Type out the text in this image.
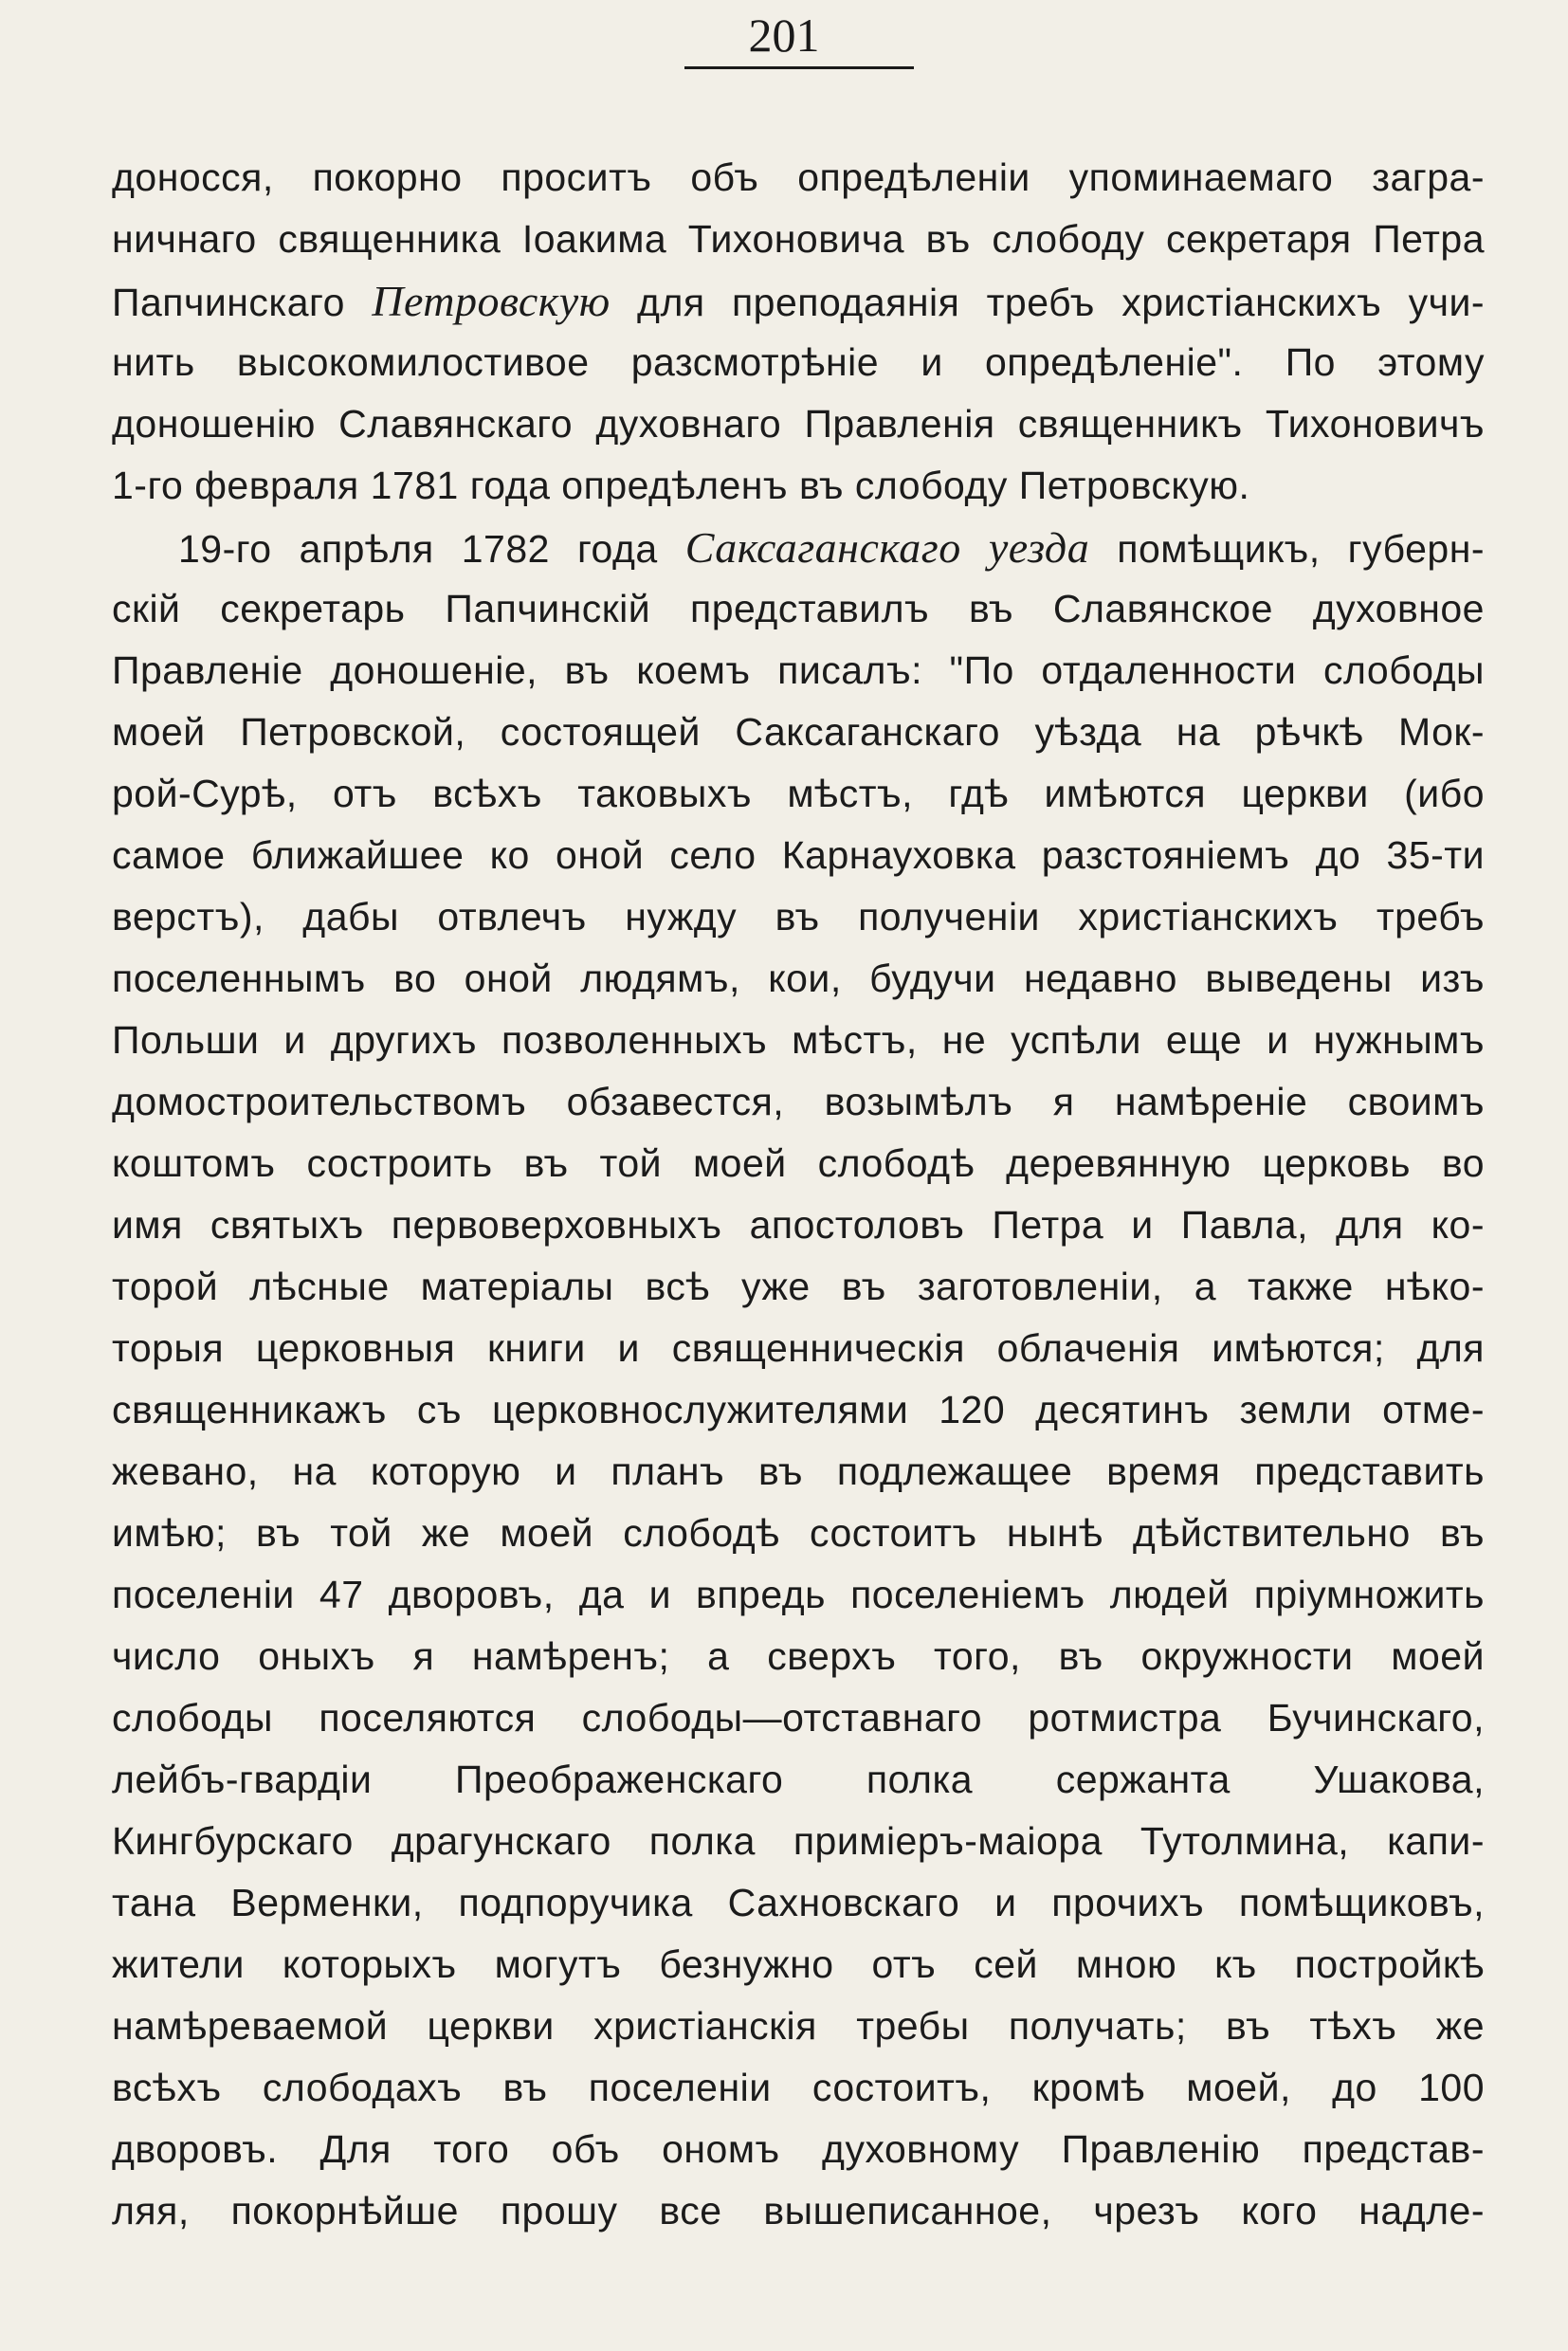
201
доносся, покорно проситъ объ опредѣленіи упоминаемаго загра-
ничнаго священника Іоакима Тихоновича въ слободу секретаря Петра
Папчинскаго Петровскую для преподаянія требъ христіанскихъ учи-
нить высокомилостивое разсмотрѣніе и опредѣленіе". По этому
доношенію Славянскаго духовнаго Правленія священникъ Тихоновичъ
1-го февраля 1781 года опредѣленъ въ слободу Петровскую.
19-го апрѣля 1782 года Саксаганскаго уезда помѣщикъ, губерн-
скій секретарь Папчинскій представилъ въ Славянское духовное
Правленіе доношеніе, въ коемъ писалъ: "По отдаленности слободы
моей Петровской, состоящей Саксаганскаго уѣзда на рѣчкѣ Мок-
рой-Сурѣ, отъ всѣхъ таковыхъ мѣстъ, гдѣ имѣются церкви (ибо
самое ближайшее ко оной село Карнауховка разстояніемъ до 35-ти
верстъ), дабы отвлечъ нужду въ полученіи христіанскихъ требъ
поселеннымъ во оной людямъ, кои, будучи недавно выведены изъ
Польши и другихъ позволенныхъ мѣстъ, не успѣли еще и нужнымъ
домостроительствомъ обзавестся, возымѣлъ я намѣреніе своимъ
коштомъ состроить въ той моей слободѣ деревянную церковь во
имя святыхъ первоверховныхъ апостоловъ Петра и Павла, для ко-
торой лѣсные матеріалы всѣ уже въ заготовленіи, а также нѣко-
торыя церковныя книги и священническія облаченія имѣются; для
священникажъ съ церковнослужителями 120 десятинъ земли отме-
жевано, на которую и планъ въ подлежащее время представить
имѣю; въ той же моей слободѣ состоитъ нынѣ дѣйствительно въ
поселеніи 47 дворовъ, да и впредь поселеніемъ людей пріумножить
число оныхъ я намѣренъ; а сверхъ того, въ окружности моей
слободы поселяются слободы—отставнаго ротмистра Бучинскаго,
лейбъ-гвардіи Преображенскаго полка сержанта Ушакова,
Кингбурскаго драгунскаго полка приміеръ-маіора Тутолмина, капи-
тана Верменки, подпоручика Сахновскаго и прочихъ помѣщиковъ,
жители которыхъ могутъ безнужно отъ сей мною къ постройкѣ
намѣреваемой церкви христіанскія требы получать; въ тѣхъ же
всѣхъ слободахъ въ поселеніи состоитъ, кромѣ моей, до 100
дворовъ. Для того объ ономъ духовному Правленію представ-
ляя, покорнѣйше прошу все вышеписанное, чрезъ кого надле-
